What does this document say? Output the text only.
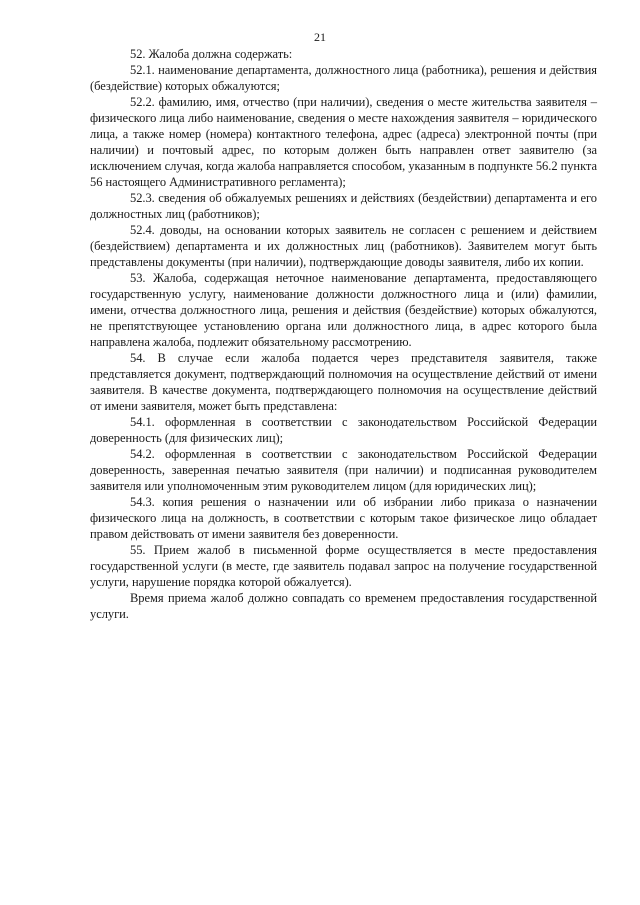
21

52. Жалоба должна содержать:

52.1. наименование департамента, должностного лица (работника), решения и действия (бездействие) которых обжалуются;

52.2. фамилию, имя, отчество (при наличии), сведения о месте жительства заявителя – физического лица либо наименование, сведения о месте нахождения заявителя – юридического лица, а также номер (номера) контактного телефона, адрес (адреса) электронной почты (при наличии) и почтовый адрес, по которым должен быть направлен ответ заявителю (за исключением случая, когда жалоба направляется способом, указанным в подпункте 56.2 пункта 56 настоящего Административного регламента);

52.3. сведения об обжалуемых решениях и действиях (бездействии) департамента и его должностных лиц (работников);

52.4. доводы, на основании которых заявитель не согласен с решением и действием (бездействием) департамента и их должностных лиц (работников). Заявителем могут быть представлены документы (при наличии), подтверждающие доводы заявителя, либо их копии.

53. Жалоба, содержащая неточное наименование департамента, предоставляющего государственную услугу, наименование должности должностного лица и (или) фамилии, имени, отчества должностного лица, решения и действия (бездействие) которых обжалуются, не препятствующее установлению органа или должностного лица, в адрес которого была направлена жалоба, подлежит обязательному рассмотрению.

54. В случае если жалоба подается через представителя заявителя, также представляется документ, подтверждающий полномочия на осуществление действий от имени заявителя. В качестве документа, подтверждающего полномочия на осуществление действий от имени заявителя, может быть представлена:

54.1. оформленная в соответствии с законодательством Российской Федерации доверенность (для физических лиц);

54.2. оформленная в соответствии с законодательством Российской Федерации доверенность, заверенная печатью заявителя (при наличии) и подписанная руководителем заявителя или уполномоченным этим руководителем лицом (для юридических лиц);

54.3. копия решения о назначении или об избрании либо приказа о назначении физического лица на должность, в соответствии с которым такое физическое лицо обладает правом действовать от имени заявителя без доверенности.

55. Прием жалоб в письменной форме осуществляется в месте предоставления государственной услуги (в месте, где заявитель подавал запрос на получение государственной услуги, нарушение порядка которой обжалуется).

Время приема жалоб должно совпадать со временем предоставления государственной услуги.
